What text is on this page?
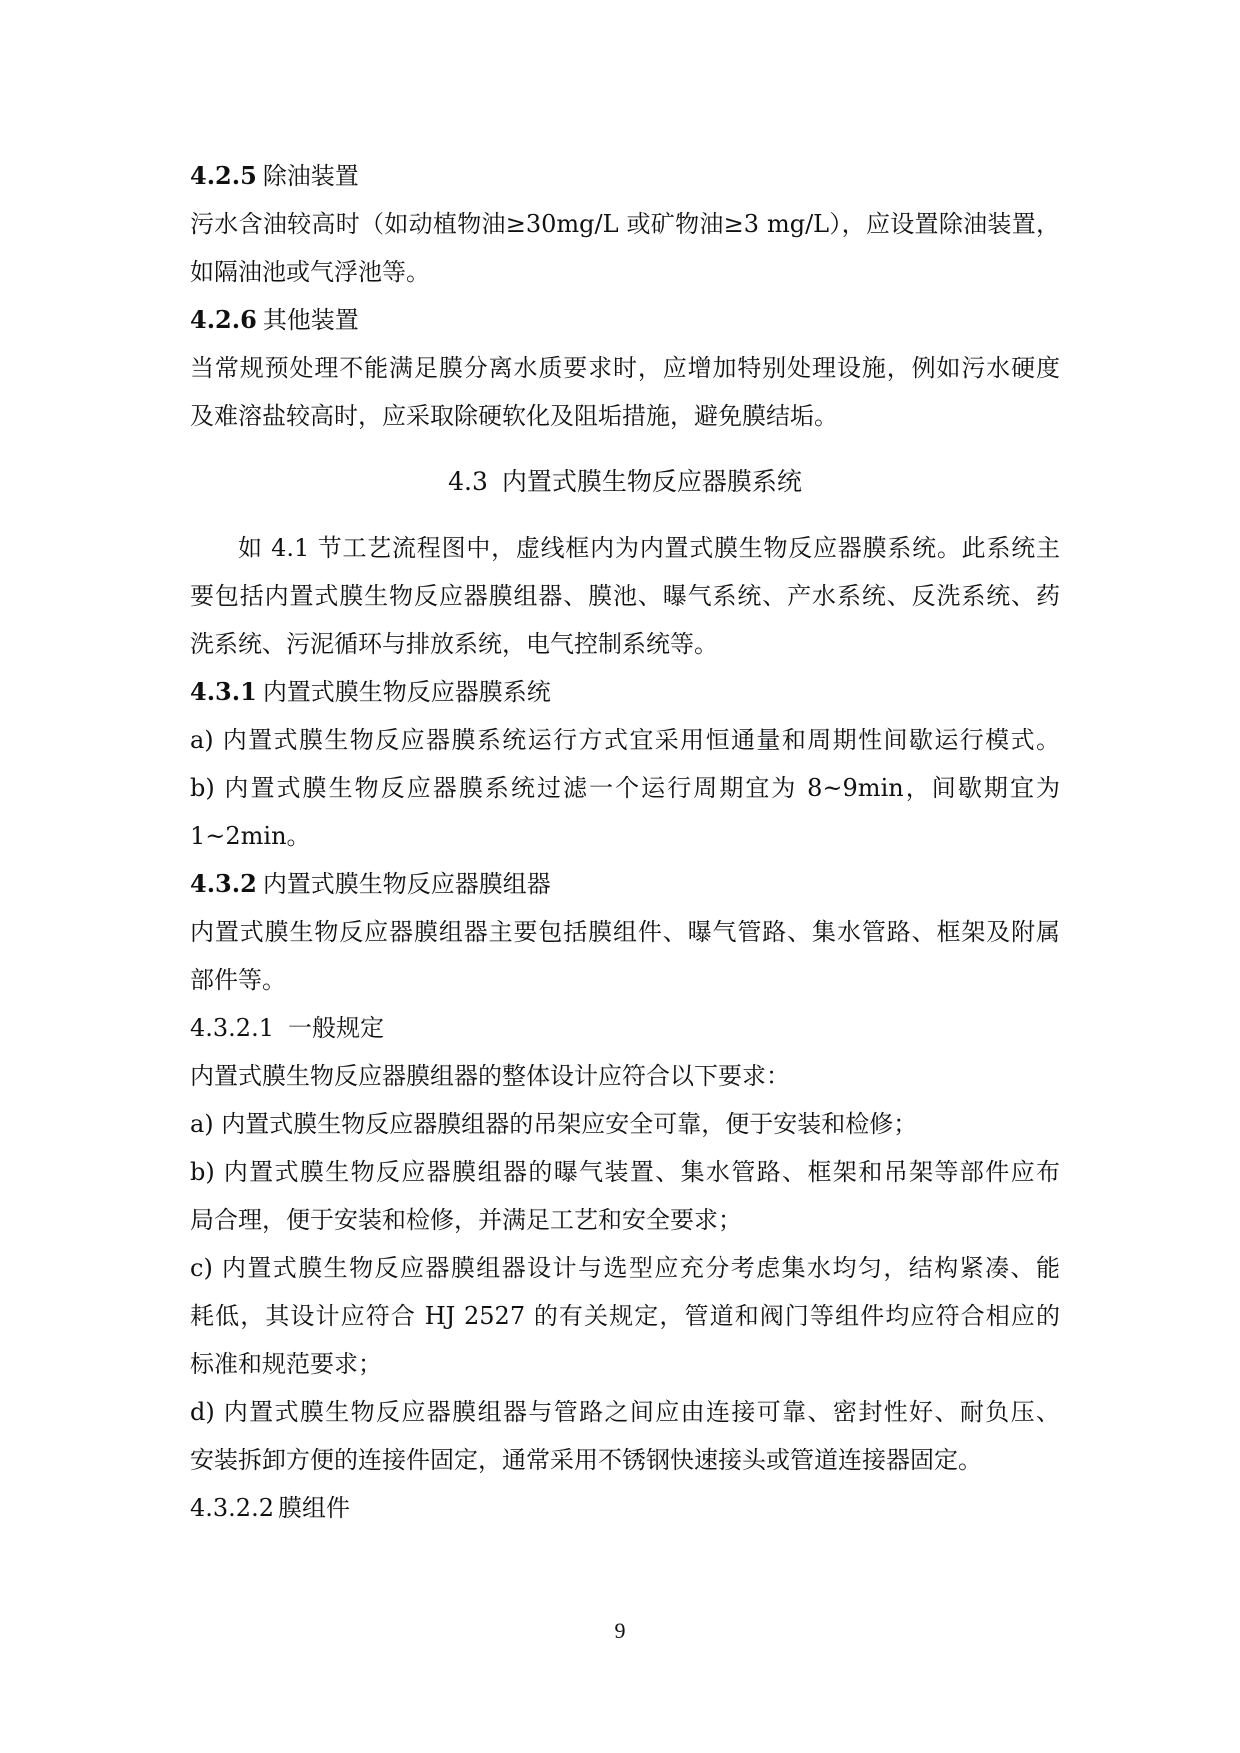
4.2.5 除油装置
污水含油较高时（如动植物油≥30mg/L 或矿物油≥3 mg/L），应设置除油装置，
如隔油池或气浮池等。
4.2.6 其他装置
当常规预处理不能满足膜分离水质要求时，应增加特别处理设施，例如污水硬度
及难溶盐较高时，应采取除硬软化及阻垢措施，避免膜结垢。
4.3 内置式膜生物反应器膜系统
如 4.1 节工艺流程图中，虚线框内为内置式膜生物反应器膜系统。此系统主
要包括内置式膜生物反应器膜组器、膜池、曝气系统、产水系统、反洗系统、药
洗系统、污泥循环与排放系统，电气控制系统等。
4.3.1 内置式膜生物反应器膜系统
a) 内置式膜生物反应器膜系统运行方式宜采用恒通量和周期性间歇运行模式。
b) 内置式膜生物反应器膜系统过滤一个运行周期宜为 8~9min，间歇期宜为
1~2min。
4.3.2 内置式膜生物反应器膜组器
内置式膜生物反应器膜组器主要包括膜组件、曝气管路、集水管路、框架及附属
部件等。
4.3.2.1 一般规定
内置式膜生物反应器膜组器的整体设计应符合以下要求：
a) 内置式膜生物反应器膜组器的吊架应安全可靠，便于安装和检修；
b) 内置式膜生物反应器膜组器的曝气装置、集水管路、框架和吊架等部件应布
局合理，便于安装和检修，并满足工艺和安全要求；
c) 内置式膜生物反应器膜组器设计与选型应充分考虑集水均匀，结构紧凑、能
耗低，其设计应符合 HJ 2527 的有关规定，管道和阀门等组件均应符合相应的
标准和规范要求；
d) 内置式膜生物反应器膜组器与管路之间应由连接可靠、密封性好、耐负压、
安装拆卸方便的连接件固定，通常采用不锈钢快速接头或管道连接器固定。
4.3.2.2 膜组件
9
